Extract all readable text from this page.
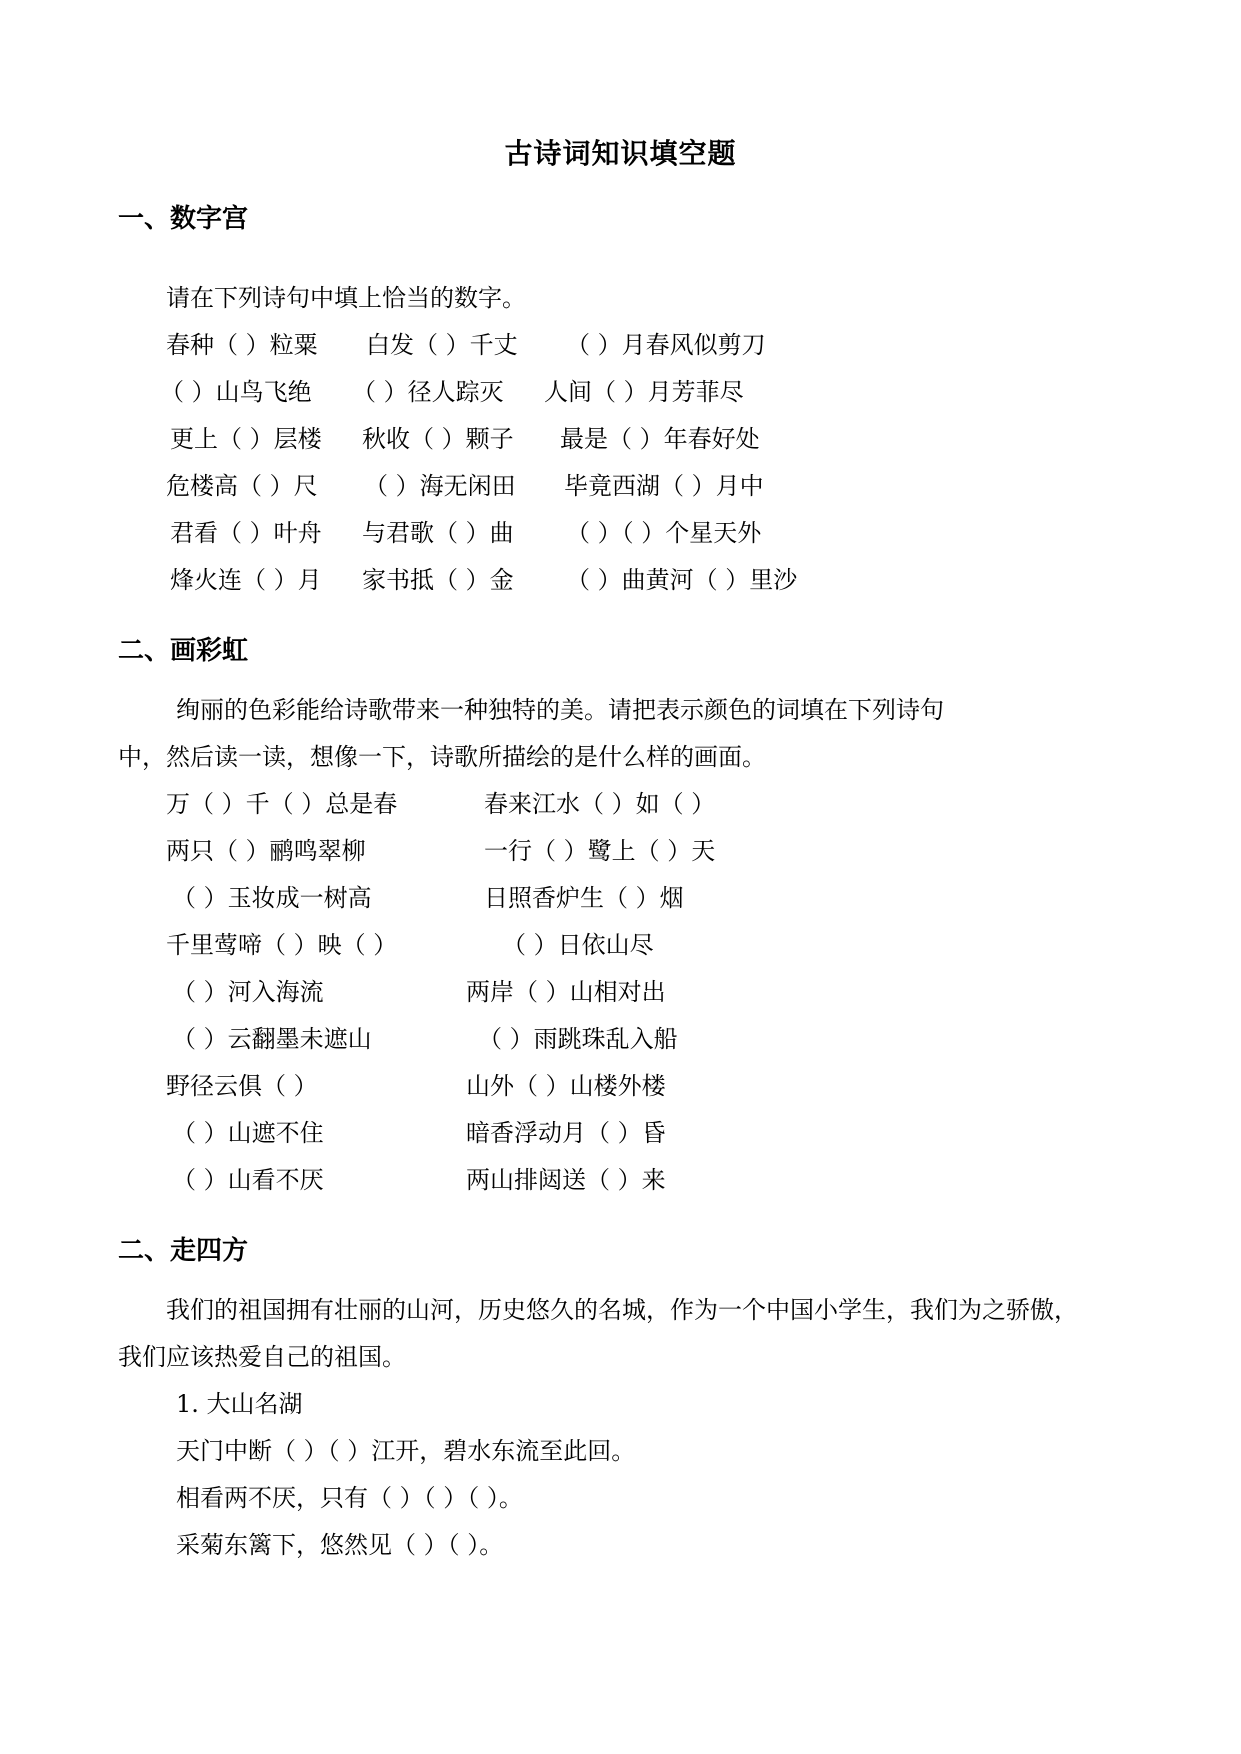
古诗词知识填空题
一、数字宫
请在下列诗句中填上恰当的数字。
春种（ ）粒粟 白发（ ）千丈 （ ）月春风似剪刀
（ ）山鸟飞绝 （ ）径人踪灭 人间（ ）月芳菲尽
更上（ ）层楼 秋收（ ）颗子 最是（ ）年春好处
危楼高（ ）尺 （ ）海无闲田 毕竟西湖（ ）月中
君看（ ）叶舟 与君歌（ ）曲 （ ）（ ）个星天外
烽火连（ ）月 家书抵（ ）金 （ ）曲黄河（ ）里沙
二、画彩虹
绚丽的色彩能给诗歌带来一种独特的美。请把表示颜色的词填在下列诗句
中，然后读一读，想像一下，诗歌所描绘的是什么样的画面。
万（ ）千（ ）总是春	春来江水（ ）如（ ）
两只（ ）鹂鸣翠柳	一行（ ）鹭上（ ）天
（ ）玉妆成一树高	日照香炉生（ ）烟
千里莺啼（ ）映（ ）	（ ）日依山尽
（ ）河入海流	两岸（ ）山相对出
（ ）云翻墨未遮山	（ ）雨跳珠乱入船
野径云俱（ ）	山外（ ）山楼外楼
（ ）山遮不住	暗香浮动月（ ）昏
（ ）山看不厌	两山排闼送（ ）来
二、走四方
我们的祖国拥有壮丽的山河，历史悠久的名城，作为一个中国小学生，我们为之骄傲，
我们应该热爱自己的祖国。
1. 大山名湖
天门中断（ ）（ ）江开，碧水东流至此回。
相看两不厌，只有（ ）（ ）（ ）。
采菊东篱下，悠然见（ ）（ ）。
